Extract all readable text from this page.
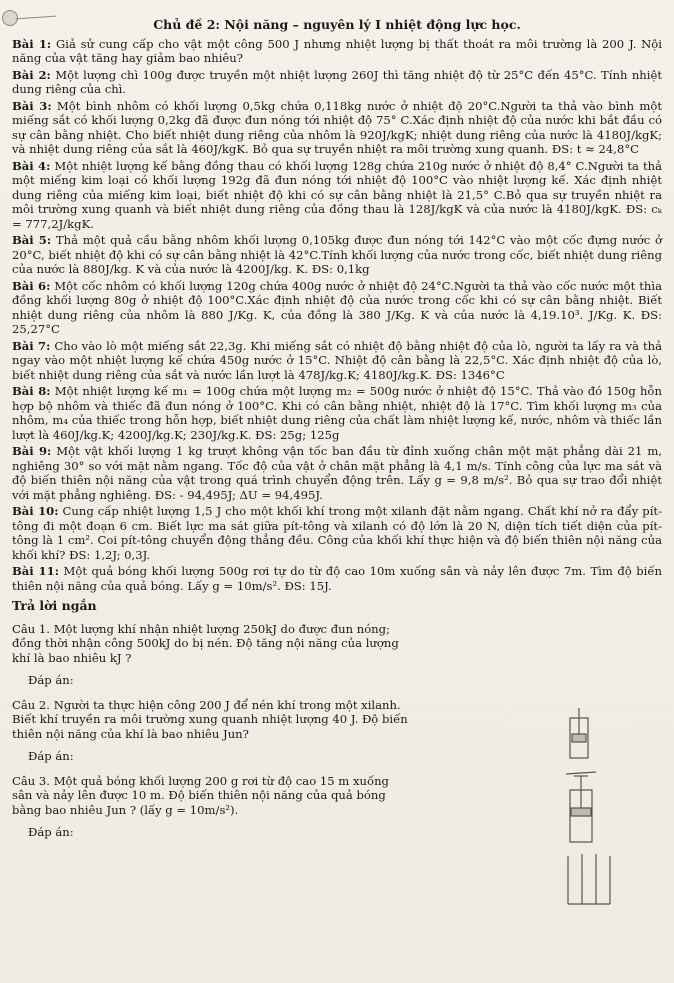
Chủ đề 2: Nội năng – nguyên lý I nhiệt động lực học.
Bài 1: Giả sử cung cấp cho vật một công 500 J nhưng nhiệt lượng bị thất thoát ra môi trường là 200 J. Nội năng của vật tăng hay giảm bao nhiêu?
Bài 2: Một lượng chì 100g được truyền một nhiệt lượng 260J thì tăng nhiệt độ từ 25°C đến 45°C. Tính nhiệt dung riêng của chì.
Bài 3: Một bình nhôm có khối lượng 0,5kg chứa 0,118kg nước ở nhiệt độ 20°C.Người ta thả vào bình một miếng sắt có khối lượng 0,2kg đã được đun nóng tới nhiệt độ 75° C.Xác định nhiệt độ của nước khi bắt đầu có sự cân bằng nhiệt. Cho biết nhiệt dung riêng của nhôm là 920J/kgK; nhiệt dung riêng của nước là 4180J/kgK; và nhiệt dung riêng của sắt là 460J/kgK. Bỏ qua sự truyền nhiệt ra môi trường xung quanh. ĐS: t ≈ 24,8°C
Bài 4: Một nhiệt lượng kế bằng đồng thau có khối lượng 128g chứa 210g nước ở nhiệt độ 8,4° C.Người ta thả một miếng kim loại có khối lượng 192g đã đun nóng tới nhiệt độ 100°C vào nhiệt lượng kế. Xác định nhiệt dung riêng của miếng kim loại, biết nhiệt độ khi có sự cân bằng nhiệt là 21,5° C.Bỏ qua sự truyền nhiệt ra môi trường xung quanh và biết nhiệt dung riêng của đồng thau là 128J/kgK và của nước là 4180J/kgK. ĐS: cₖ = 777,2J/kgK.
Bài 5: Thả một quả cầu bằng nhôm khối lượng 0,105kg được đun nóng tới 142°C vào một cốc đựng nước ở 20°C, biết nhiệt độ khi có sự cân bằng nhiệt là 42°C.Tính khối lượng của nước trong cốc, biết nhiệt dung riêng của nước là 880J/kg. K và của nước là 4200J/kg. K. ĐS: 0,1kg
Bài 6: Một cốc nhôm có khối lượng 120g chứa 400g nước ở nhiệt độ 24°C.Người ta thả vào cốc nước một thìa đồng khối lượng 80g ở nhiệt độ 100°C.Xác định nhiệt độ của nước trong cốc khi có sự cân bằng nhiệt. Biết nhiệt dung riêng của nhôm là 880 J/Kg. K, của đồng là 380 J/Kg. K và của nước là 4,19.10³. J/Kg. K. ĐS: 25,27°C
Bài 7: Cho vào lò một miếng sắt 22,3g. Khi miếng sắt có nhiệt độ bằng nhiệt độ của lò, người ta lấy ra và thả ngay vào một nhiệt lượng kế chứa 450g nước ở 15°C. Nhiệt độ cân bằng là 22,5°C. Xác định nhiệt độ của lò, biết nhiệt dung riêng của sắt và nước lần lượt là 478J/kg.K; 4180J/kg.K. ĐS: 1346°C
Bài 8: Một nhiệt lượng kế m₁ = 100g chứa một lượng m₂ = 500g nước ở nhiệt độ 15°C. Thả vào đó 150g hỗn hợp bộ nhôm và thiếc đã đun nóng ở 100°C. Khi có cân bằng nhiệt, nhiệt độ là 17°C. Tìm khối lượng m₃ của nhôm, m₄ của thiếc trong hỗn hợp, biết nhiệt dung riêng của chất làm nhiệt lượng kế, nước, nhôm và thiếc lần lượt là 460J/kg.K; 4200J/kg.K; 230J/kg.K. ĐS: 25g; 125g
Bài 9: Một vật khối lượng 1 kg trượt không vận tốc ban đầu từ đỉnh xuống chân một mặt phẳng dài 21 m, nghiêng 30° so với mặt nằm ngang. Tốc độ của vật ở chân mặt phẳng là 4,1 m/s. Tính công của lực ma sát và độ biến thiên nội năng của vật trong quá trình chuyển động trên. Lấy g = 9,8 m/s². Bỏ qua sự trao đổi nhiệt với mặt phẳng nghiêng. ĐS: - 94,495J; ΔU = 94,495J.
Bài 10: Cung cấp nhiệt lượng 1,5 J cho một khối khí trong một xilanh đặt nằm ngang. Chất khí nở ra đẩy pít-tông đi một đoạn 6 cm. Biết lực ma sát giữa pít-tông và xilanh có độ lớn là 20 N, diện tích tiết diện của pít-tông là 1 cm². Coi pít-tông chuyển động thẳng đều. Công của khối khí thực hiện và độ biến thiên nội năng của khối khí? ĐS: 1,2J; 0,3J.
Bài 11: Một quả bóng khối lượng 500g rơi tự do từ độ cao 10m xuống sân và nảy lên được 7m. Tìm độ biến thiên nội năng của quả bóng. Lấy g = 10m/s². ĐS: 15J.
Trả lời ngắn
Câu 1. Một lượng khí nhận nhiệt lượng 250kJ do được đun nóng; đồng thời nhận công 500kJ do bị nén. Độ tăng nội năng của lượng khí là bao nhiêu kJ ?
Đáp án:
Câu 2. Người ta thực hiện công 200 J để nén khí trong một xilanh. Biết khí truyền ra môi trường xung quanh nhiệt lượng 40 J. Độ biến thiên nội năng của khí là bao nhiêu Jun?
Đáp án:
Câu 3. Một quả bóng khối lượng 200 g rơi từ độ cao 15 m xuống sân và nảy lên được 10 m. Độ biến thiên nội năng của quả bóng bằng bao nhiêu Jun ? (lấy g = 10m/s²).
Đáp án:
